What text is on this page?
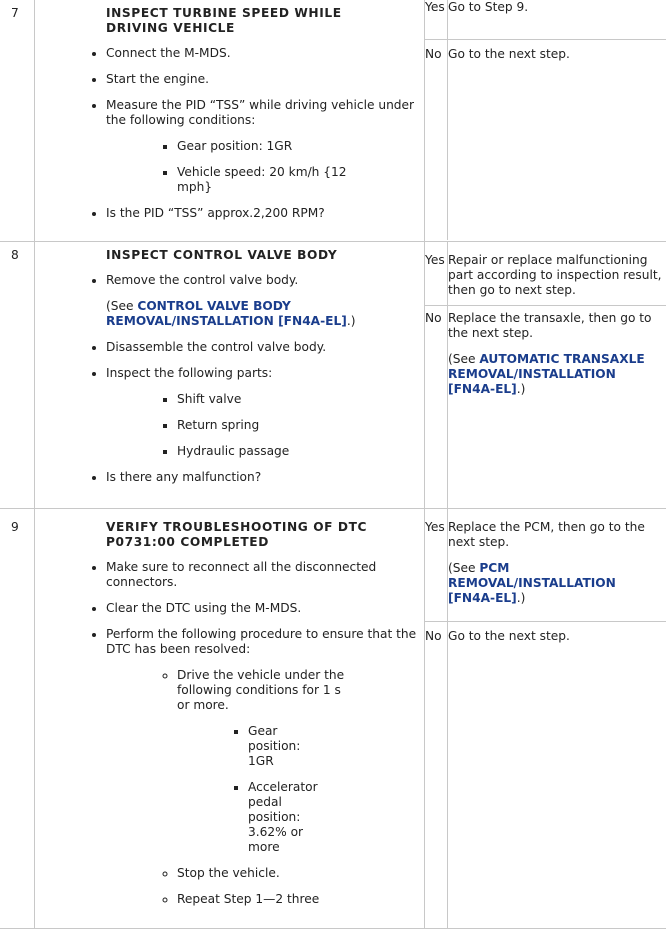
7	INSPECT TURBINE SPEED WHILE DRIVING VEHICLE
• Connect the M-MDS.
• Start the engine.
• Measure the PID “TSS” while driving vehicle under the following conditions:
▪ Gear position: 1GR
▪ Vehicle speed: 20 km/h {12 mph}
• Is the PID “TSS” approx.2,200 RPM?

Yes	Go to Step 9.

No	Go to the next step.

8	INSPECT CONTROL VALVE BODY
• Remove the control valve body.
(See CONTROL VALVE BODY REMOVAL/INSTALLATION [FN4A-EL].)
• Disassemble the control valve body.
• Inspect the following parts:
▪ Shift valve
▪ Return spring
▪ Hydraulic passage
• Is there any malfunction?

Yes	Repair or replace malfunctioning part according to inspection result, then go to next step.

No	Replace the transaxle, then go to the next step.

(See AUTOMATIC TRANSAXLE REMOVAL/INSTALLATION [FN4A-EL].)

9	VERIFY TROUBLESHOOTING OF DTC P0731:00 COMPLETED
• Make sure to reconnect all the disconnected connectors.
• Clear the DTC using the M-MDS.
• Perform the following procedure to ensure that the DTC has been resolved:
◦ Drive the vehicle under the following conditions for 1 s or more.
▪ Gear position: 1GR
▪ Accelerator pedal position: 3.62% or more
◦ Stop the vehicle.
◦ Repeat Step 1—2 three

Yes	Replace the PCM, then go to the next step.

(See PCM REMOVAL/INSTALLATION [FN4A-EL].)

No	Go to the next step.
